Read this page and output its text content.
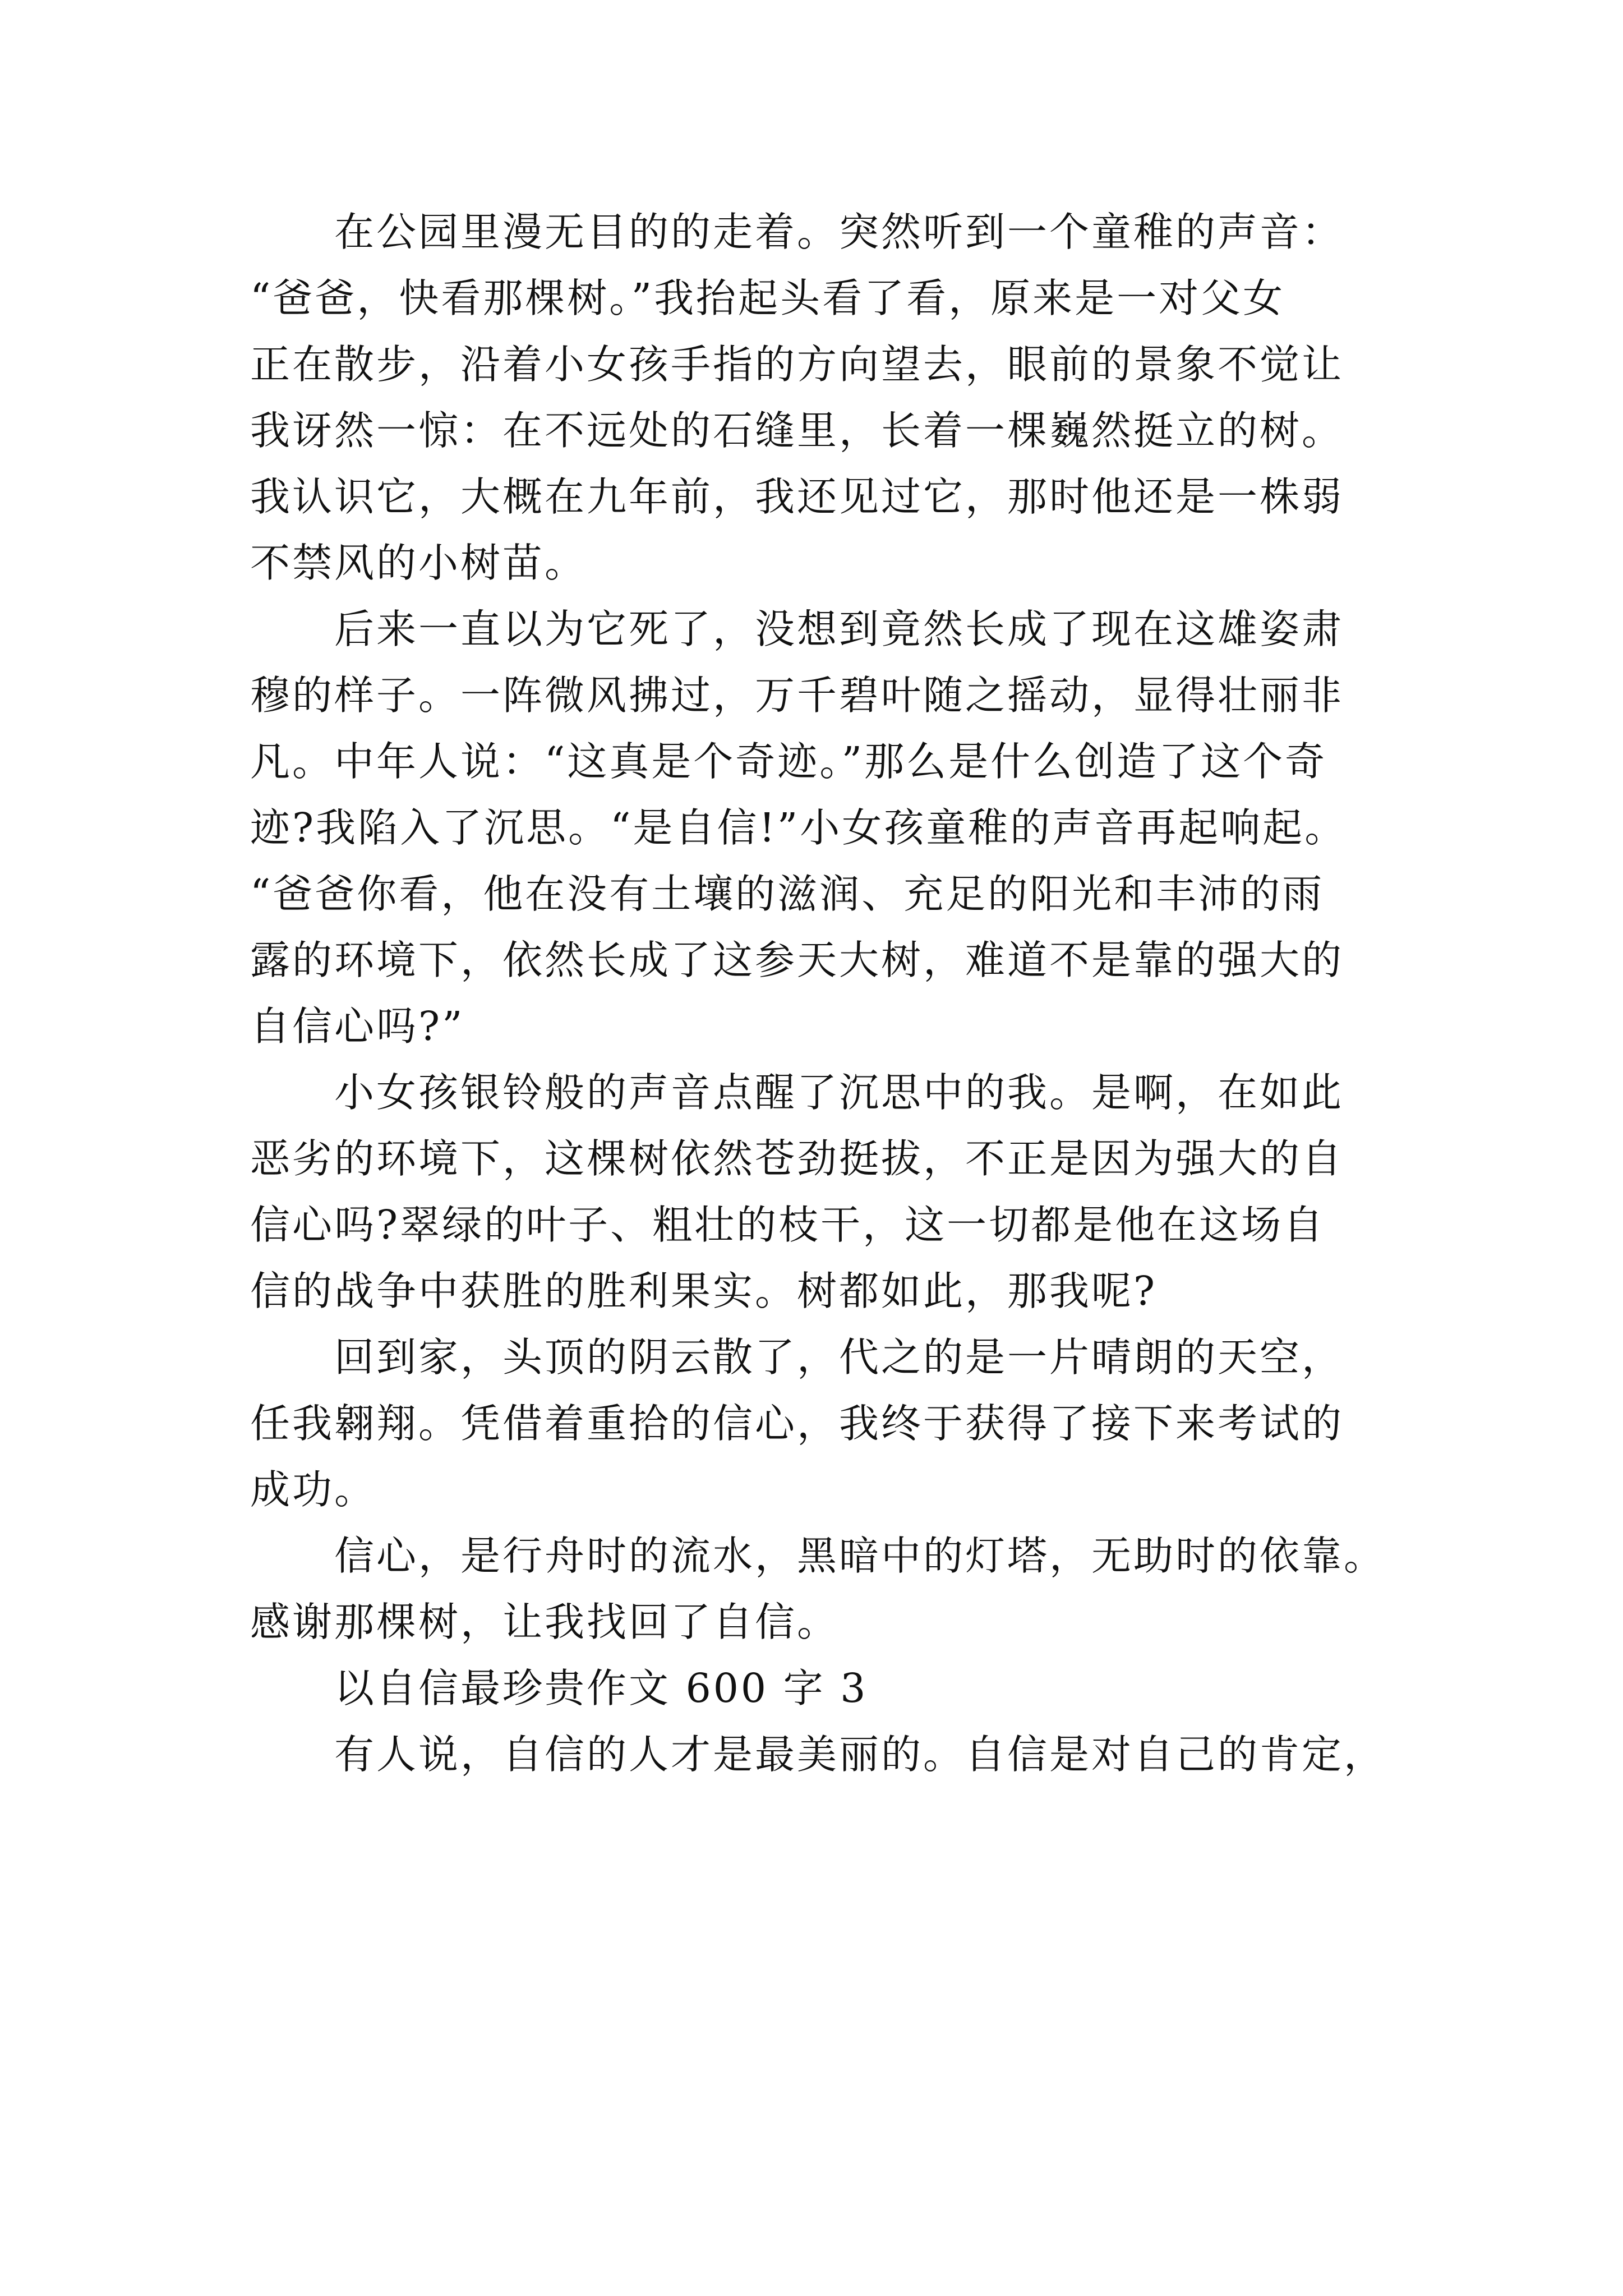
在公园里漫无目的的走着。突然听到一个童稚的声音：
“爸爸，快看那棵树。”我抬起头看了看，原来是一对父女
正在散步，沿着小女孩手指的方向望去，眼前的景象不觉让
我讶然一惊：在不远处的石缝里，长着一棵巍然挺立的树。
我认识它，大概在九年前，我还见过它，那时他还是一株弱
不禁风的小树苗。
后来一直以为它死了，没想到竟然长成了现在这雄姿肃
穆的样子。一阵微风拂过，万千碧叶随之摇动，显得壮丽非
凡。中年人说：“这真是个奇迹。”那么是什么创造了这个奇
迹?我陷入了沉思。“是自信!”小女孩童稚的声音再起响起。
“爸爸你看，他在没有土壤的滋润、充足的阳光和丰沛的雨
露的环境下，依然长成了这参天大树，难道不是靠的强大的
自信心吗?”
小女孩银铃般的声音点醒了沉思中的我。是啊，在如此
恶劣的环境下，这棵树依然苍劲挺拔，不正是因为强大的自
信心吗?翠绿的叶子、粗壮的枝干，这一切都是他在这场自
信的战争中获胜的胜利果实。树都如此，那我呢?
回到家，头顶的阴云散了，代之的是一片晴朗的天空，
任我翱翔。凭借着重拾的信心，我终于获得了接下来考试的
成功。
信心，是行舟时的流水，黑暗中的灯塔，无助时的依靠。
感谢那棵树，让我找回了自信。
以自信最珍贵作文 600 字 3
有人说，自信的人才是最美丽的。自信是对自己的肯定，
